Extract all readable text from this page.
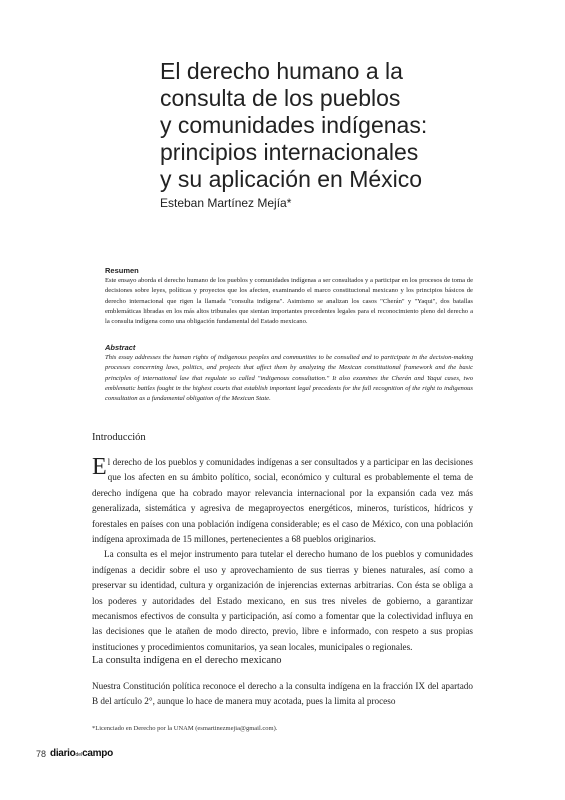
El derecho humano a la
consulta de los pueblos
y comunidades indígenas:
principios internacionales
y su aplicación en México
Esteban Martínez Mejía*
Resumen
Este ensayo aborda el derecho humano de los pueblos y comunidades indígenas a ser consultados y a participar en los procesos de toma de decisiones sobre leyes, políticas y proyectos que los afecten, examinando el marco constitucional mexicano y los principios básicos de derecho internacional que rigen la llamada "consulta indígena". Asimismo se analizan los casos "Cherán" y "Yaqui", dos batallas emblemáticas libradas en los más altos tribunales que sientan importantes precedentes legales para el reconocimiento pleno del derecho a la consulta indígena como una obligación fundamental del Estado mexicano.
Abstract
This essay addresses the human rights of indigenous peoples and communities to be consulted and to participate in the decision-making processes concerning laws, politics, and projects that affect them by analyzing the Mexican constitutional framework and the basic principles of international law that regulate so called "indigenous consultation." It also examines the Cherán and Yaqui cases, two emblematic battles fought in the highest courts that establish important legal precedents for the full recognition of the right to indigenous consultation as a fundamental obligation of the Mexican State.
Introducción

El derecho de los pueblos y comunidades indígenas a ser consultados y a participar en las decisiones que los afecten en su ámbito político, social, económico y cultural es probablemente el tema de derecho indígena que ha cobrado mayor relevancia internacional por la expansión cada vez más generalizada, sistemática y agresiva de megaproyectos energéticos, mineros, turísticos, hídricos y forestales en países con una población indígena considerable; es el caso de México, con una población indígena aproximada de 15 millones, pertenecientes a 68 pueblos originarios.

La consulta es el mejor instrumento para tutelar el derecho humano de los pueblos y comunidades indígenas a decidir sobre el uso y aprovechamiento de sus tierras y bienes naturales, así como a preservar su identidad, cultura y organización de injerencias externas arbitrarias. Con ésta se obliga a los poderes y autoridades del Estado mexicano, en sus tres niveles de gobierno, a garantizar mecanismos efectivos de consulta y participación, así como a fomentar que la colectividad influya en las decisiones que le atañen de modo directo, previo, libre e informado, con respeto a sus propias instituciones y procedimientos comunitarios, ya sean locales, municipales o regionales.

La consulta indígena en el derecho mexicano

Nuestra Constitución política reconoce el derecho a la consulta indígena en la fracción IX del apartado B del artículo 2°, aunque lo hace de manera muy acotada, pues la limita al proceso

*Licenciado en Derecho por la UNAM (esmartinezmejia@gmail.com).
78 diariodelcampo
